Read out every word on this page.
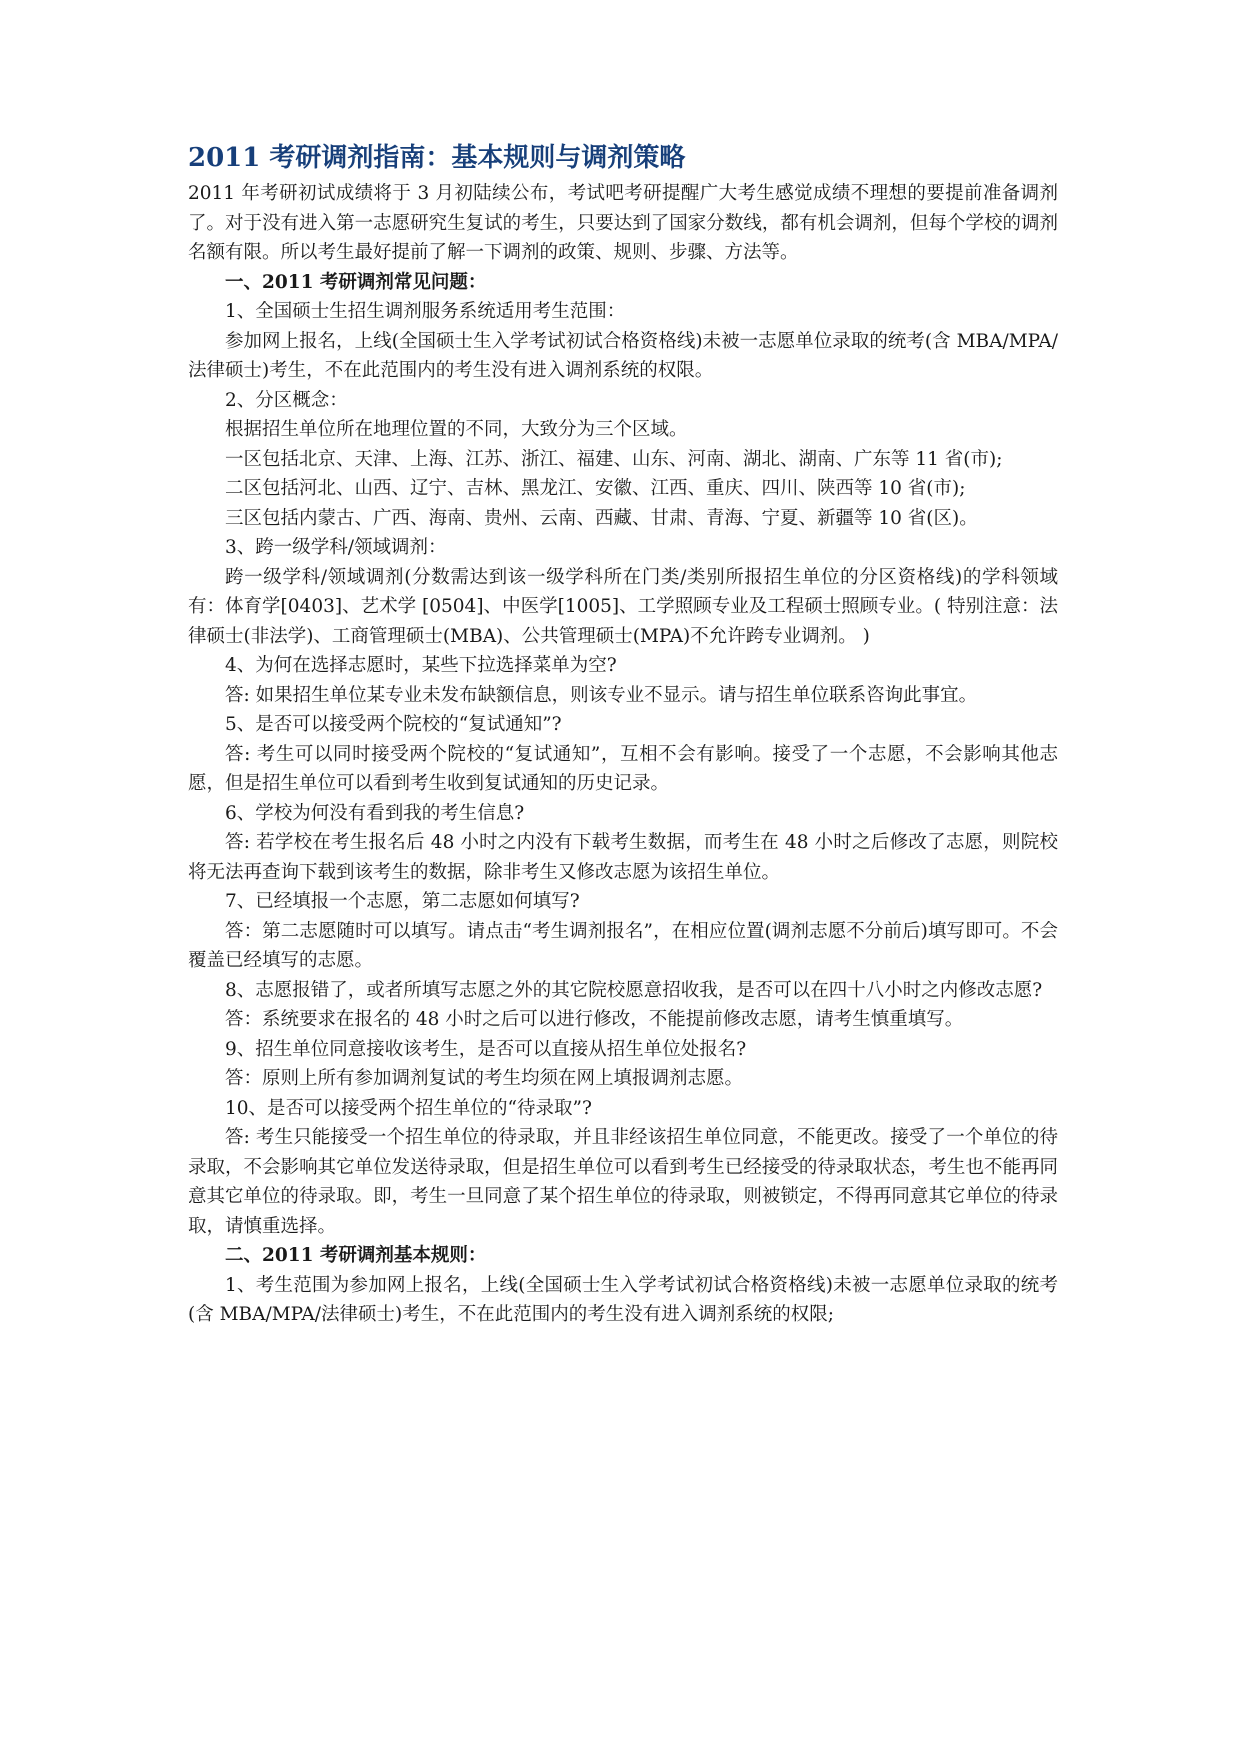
2011 考研调剂指南：基本规则与调剂策略

2011 年考研初试成绩将于 3 月初陆续公布，考试吧考研提醒广大考生感觉成绩不理想的要提前准备调剂了。对于没有进入第一志愿研究生复试的考生，只要达到了国家分数线，都有机会调剂，但每个学校的调剂名额有限。所以考生最好提前了解一下调剂的政策、规则、步骤、方法等。

一、2011 考研调剂常见问题：

1、全国硕士生招生调剂服务系统适用考生范围：

参加网上报名，上线(全国硕士生入学考试初试合格资格线)未被一志愿单位录取的统考(含 MBA/MPA/法律硕士)考生，不在此范围内的考生没有进入调剂系统的权限。

2、分区概念：

根据招生单位所在地理位置的不同，大致分为三个区域。

一区包括北京、天津、上海、江苏、浙江、福建、山东、河南、湖北、湖南、广东等 11 省(市);

二区包括河北、山西、辽宁、吉林、黑龙江、安徽、江西、重庆、四川、陕西等 10 省(市);

三区包括内蒙古、广西、海南、贵州、云南、西藏、甘肃、青海、宁夏、新疆等 10 省(区)。

3、跨一级学科/领域调剂：

跨一级学科/领域调剂(分数需达到该一级学科所在门类/类别所报招生单位的分区资格线)的学科领域有：体育学[0403]、艺术学 [0504]、中医学[1005]、工学照顾专业及工程硕士照顾专业。( 特别注意：法律硕士(非法学)、工商管理硕士(MBA)、公共管理硕士(MPA)不允许跨专业调剂。 )

4、为何在选择志愿时，某些下拉选择菜单为空?

答: 如果招生单位某专业未发布缺额信息，则该专业不显示。请与招生单位联系咨询此事宜。

5、是否可以接受两个院校的“复试通知”?

答: 考生可以同时接受两个院校的“复试通知”，互相不会有影响。接受了一个志愿，不会影响其他志愿，但是招生单位可以看到考生收到复试通知的历史记录。

6、学校为何没有看到我的考生信息?

答: 若学校在考生报名后 48 小时之内没有下载考生数据，而考生在 48 小时之后修改了志愿，则院校将无法再查询下载到该考生的数据，除非考生又修改志愿为该招生单位。

7、已经填报一个志愿，第二志愿如何填写?

答：第二志愿随时可以填写。请点击“考生调剂报名”，在相应位置(调剂志愿不分前后)填写即可。不会覆盖已经填写的志愿。

8、志愿报错了，或者所填写志愿之外的其它院校愿意招收我，是否可以在四十八小时之内修改志愿?

答：系统要求在报名的 48 小时之后可以进行修改，不能提前修改志愿，请考生慎重填写。

9、招生单位同意接收该考生，是否可以直接从招生单位处报名?

答：原则上所有参加调剂复试的考生均须在网上填报调剂志愿。

10、是否可以接受两个招生单位的“待录取”?

答: 考生只能接受一个招生单位的待录取，并且非经该招生单位同意，不能更改。接受了一个单位的待录取，不会影响其它单位发送待录取，但是招生单位可以看到考生已经接受的待录取状态，考生也不能再同意其它单位的待录取。即，考生一旦同意了某个招生单位的待录取，则被锁定，不得再同意其它单位的待录取，请慎重选择。

二、2011 考研调剂基本规则：

1、考生范围为参加网上报名，上线(全国硕士生入学考试初试合格资格线)未被一志愿单位录取的统考(含 MBA/MPA/法律硕士)考生，不在此范围内的考生没有进入调剂系统的权限;
